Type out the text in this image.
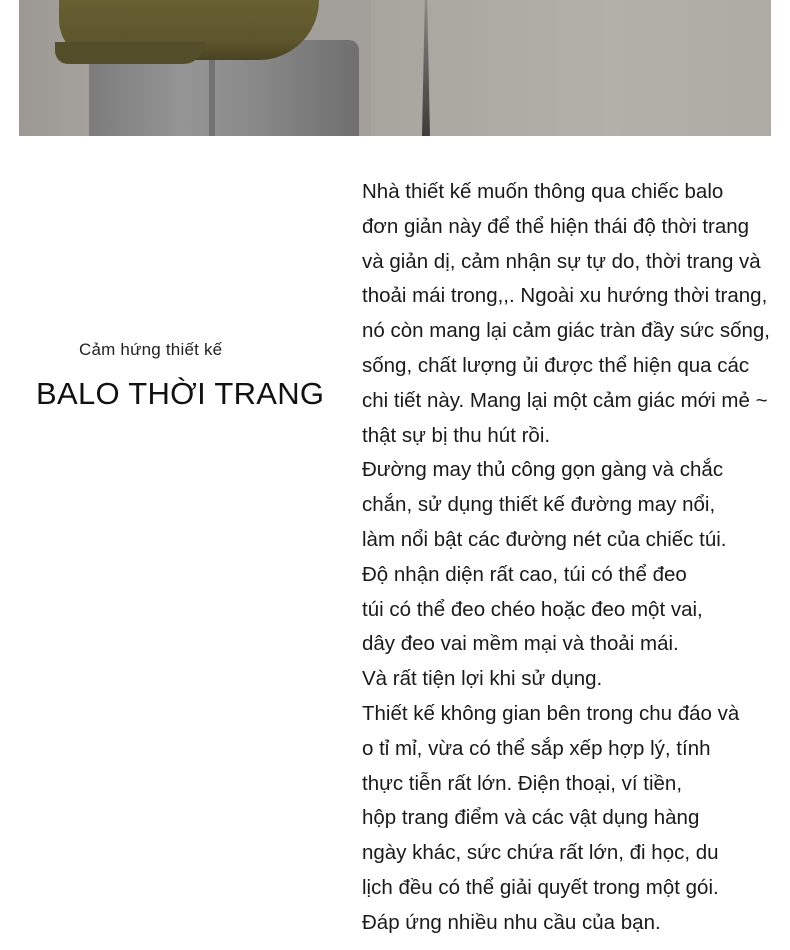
Cảm hứng thiết kế

BALO THỜI TRANG
Nhà thiết kế muốn thông qua chiếc balo
đơn giản này để thể hiện thái độ thời trang
và giản dị, cảm nhận sự tự do, thời trang và
thoải mái trong,,. Ngoài xu hướng thời trang,
nó còn mang lại cảm giác tràn đầy sức sống,
sống, chất lượng ủi được thể hiện qua các
chi tiết này. Mang lại một cảm giác mới mẻ ~
thật sự bị thu hút rồi.
Đường may thủ công gọn gàng và chắc
chắn, sử dụng thiết kế đường may nổi,
làm nổi bật các đường nét của chiếc túi.
Độ nhận diện rất cao, túi có thể đeo
túi có thể đeo chéo hoặc đeo một vai,
dây đeo vai mềm mại và thoải mái.
Và rất tiện lợi khi sử dụng.
Thiết kế không gian bên trong chu đáo và
o tỉ mỉ, vừa có thể sắp xếp hợp lý, tính
thực tiễn rất lớn. Điện thoại, ví tiền,
hộp trang điểm và các vật dụng hàng
ngày khác, sức chứa rất lớn, đi học, du
lịch đều có thể giải quyết trong một gói.
Đáp ứng nhiều nhu cầu của bạn.
